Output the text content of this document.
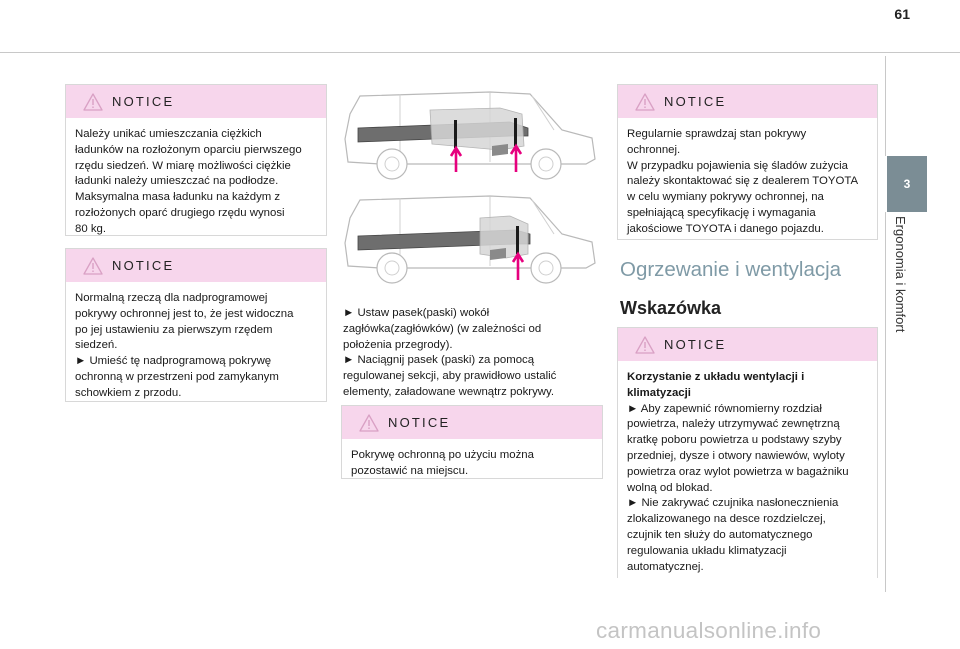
61
NOTICE

Należy unikać umieszczania ciężkich

ładunków na rozłożonym oparciu pierwszego

rzędu siedzeń. W miarę możliwości ciężkie

ładunki należy umieszczać na podłodze.

Maksymalna masa ładunku na każdym z

rozłożonych oparć drugiego rzędu wynosi

80 kg.

NOTICE

Normalną rzeczą dla nadprogramowej

pokrywy ochronnej jest to, że jest widoczna

po jej ustawieniu za pierwszym rzędem

siedzeń.

► Umieść tę nadprogramową pokrywę

ochronną w przestrzeni pod zamykanym

schowkiem z przodu.

► Ustaw pasek(paski) wokół

zagłówka(zagłówków) (w zależności od

położenia przegrody).

► Naciągnij pasek (paski) za pomocą

regulowanej sekcji, aby prawidłowo ustalić

elementy, załadowane wewnątrz pokrywy.

NOTICE

Pokrywę ochronną po użyciu można

pozostawić na miejscu.

NOTICE

Regularnie sprawdzaj stan pokrywy

ochronnej.

W przypadku pojawienia się śladów zużycia

należy skontaktować się z dealerem TOYOTA

w celu wymiany pokrywy ochronnej, na

spełniającą specyfikację i wymagania

jakościowe TOYOTA i danego pojazdu.

Ogrzewanie i wentylacja
Wskazówka
NOTICE

Korzystanie z układu wentylacji i

klimatyzacji

► Aby zapewnić równomierny rozdział

powietrza, należy utrzymywać zewnętrzną

kratkę poboru powietrza u podstawy szyby

przedniej, dysze i otwory nawiewów, wyloty

powietrza oraz wylot powietrza w bagażniku

wolną od blokad.

► Nie zakrywać czujnika nasłonecznienia

zlokalizowanego na desce rozdzielczej,

czujnik ten służy do automatycznego

regulowania układu klimatyzacji

automatycznej.

3
Ergonomia i komfort
carmanualsonline.info
